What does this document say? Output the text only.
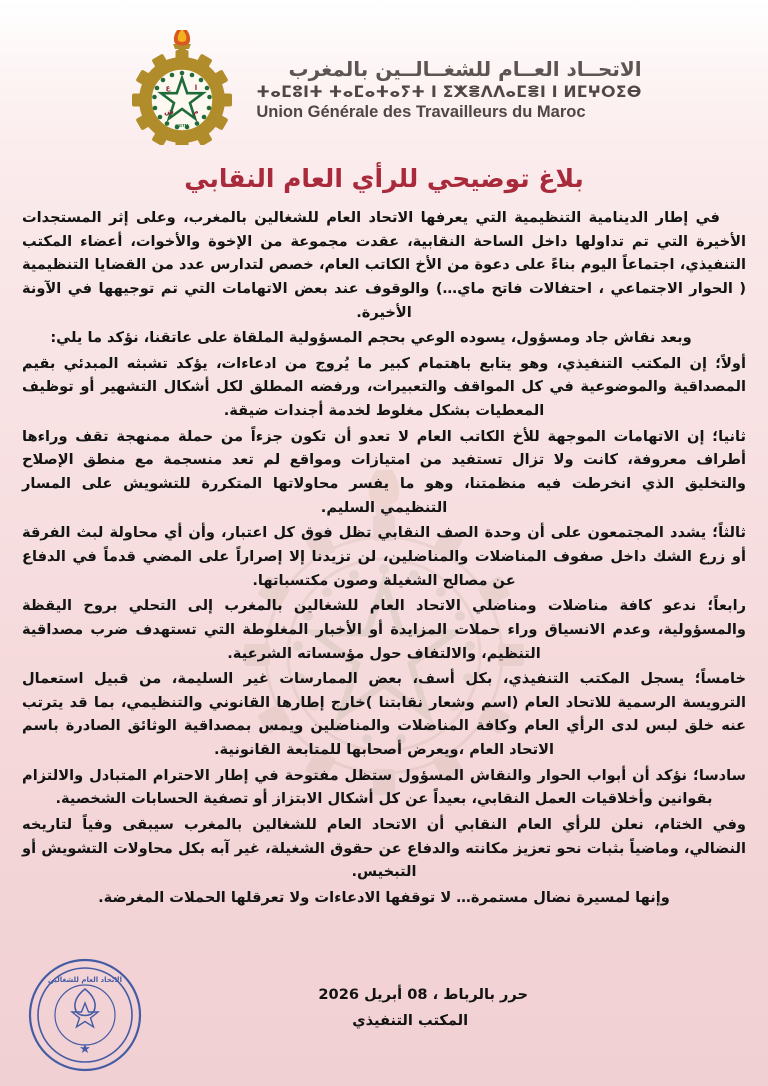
ا
ع
ش	م
UGTM
الاتحــاد العــام للشغــالــين بالمغرب
ⵜⴰⵎⵓⵏⵜ ⵜⴰⵎⴰⵜⴰⵢⵜ ⵏ ⵉⵅⴻⴷⴷⴰⵎⴻⵏ ⵏ ⵍⵎⵖⵔⵉⴱ
Union Générale des Travailleurs du Maroc
بلاغ توضيحي للرأي العام النقابي

في إطار الدينامية التنظيمية التي يعرفها الاتحاد العام للشغالين بالمغرب، وعلى إثر المستجدات الأخيرة التي تم تداولها داخل الساحة النقابية، عقدت مجموعة من الإخوة والأخوات، أعضاء المكتب التنفيذي، اجتماعاً اليوم بناءً على دعوة من الأخ الكاتب العام، خصص لتدارس عدد من القضايا التنظيمية ( الحوار الاجتماعي ، احتفالات فاتح ماي…) والوقوف عند بعض الاتهامات التي تم توجيهها في الآونة الأخيرة.

وبعد نقاش جاد ومسؤول، يسوده الوعي بحجم المسؤولية الملقاة على عاتقنا، نؤكد ما يلي:

أولاً؛ إن المكتب التنفيذي، وهو يتابع باهتمام كبير ما يُروج من ادعاءات، يؤكد تشبثه المبدئي بقيم المصداقية والموضوعية في كل المواقف والتعبيرات، ورفضه المطلق لكل أشكال التشهير أو توظيف المعطيات بشكل مغلوط لخدمة أجندات ضيقة.

ثانيا؛ إن الاتهامات الموجهة للأخ الكاتب العام لا تعدو أن تكون جزءاً من حملة ممنهجة تقف وراءها أطراف معروفة، كانت ولا تزال تستفيد من امتيازات ومواقع لم تعد منسجمة مع منطق الإصلاح والتخليق الذي انخرطت فيه منظمتنا، وهو ما يفسر محاولاتها المتكررة للتشويش على المسار التنظيمي السليم.

ثالثاً؛ يشدد المجتمعون على أن وحدة الصف النقابي تظل فوق كل اعتبار، وأن أي محاولة لبث الفرقة أو زرع الشك داخل صفوف المناضلات والمناضلين، لن تزيدنا إلا إصراراً على المضي قدماً في الدفاع عن مصالح الشغيلة وصون مكتسباتها.

رابعاً؛ ندعو كافة مناضلات ومناضلي الاتحاد العام للشغالين بالمغرب إلى التحلي بروح اليقظة والمسؤولية، وعدم الانسياق وراء حملات المزايدة أو الأخبار المغلوطة التي تستهدف ضرب مصداقية التنظيم، والالتفاف حول مؤسساته الشرعية.

خامساً؛ يسجل المكتب التنفيذي، بكل أسف، بعض الممارسات غير السليمة، من قبيل استعمال الترويسة الرسمية للاتحاد العام (اسم وشعار نقابتنا )خارج إطارها القانوني والتنظيمي، بما قد يترتب عنه خلق لبس لدى الرأي العام وكافة المناضلات والمناضلين ويمس بمصداقية الوثائق الصادرة باسم الاتحاد العام ،ويعرض أصحابها للمتابعة القانونية.

سادسا؛ نؤكد أن أبواب الحوار والنقاش المسؤول ستظل مفتوحة في إطار الاحترام المتبادل والالتزام بقوانين وأخلاقيات العمل النقابي، بعيداً عن كل أشكال الابتزاز أو تصفية الحسابات الشخصية.

وفي الختام، نعلن للرأي العام النقابي أن الاتحاد العام للشغالين بالمغرب سيبقى وفياً لتاريخه النضالي، وماضياً بثبات نحو تعزيز مكانته والدفاع عن حقوق الشغيلة، غير آبه بكل محاولات التشويش أو التبخيس.

وإنها لمسيرة نضال مستمرة… لا توقفها الادعاءات ولا تعرقلها الحملات المغرضة.

★
الاتحاد العام للشغالين
حرر بالرباط ، 08 أبريل 2026
المكتب التنفيذي
